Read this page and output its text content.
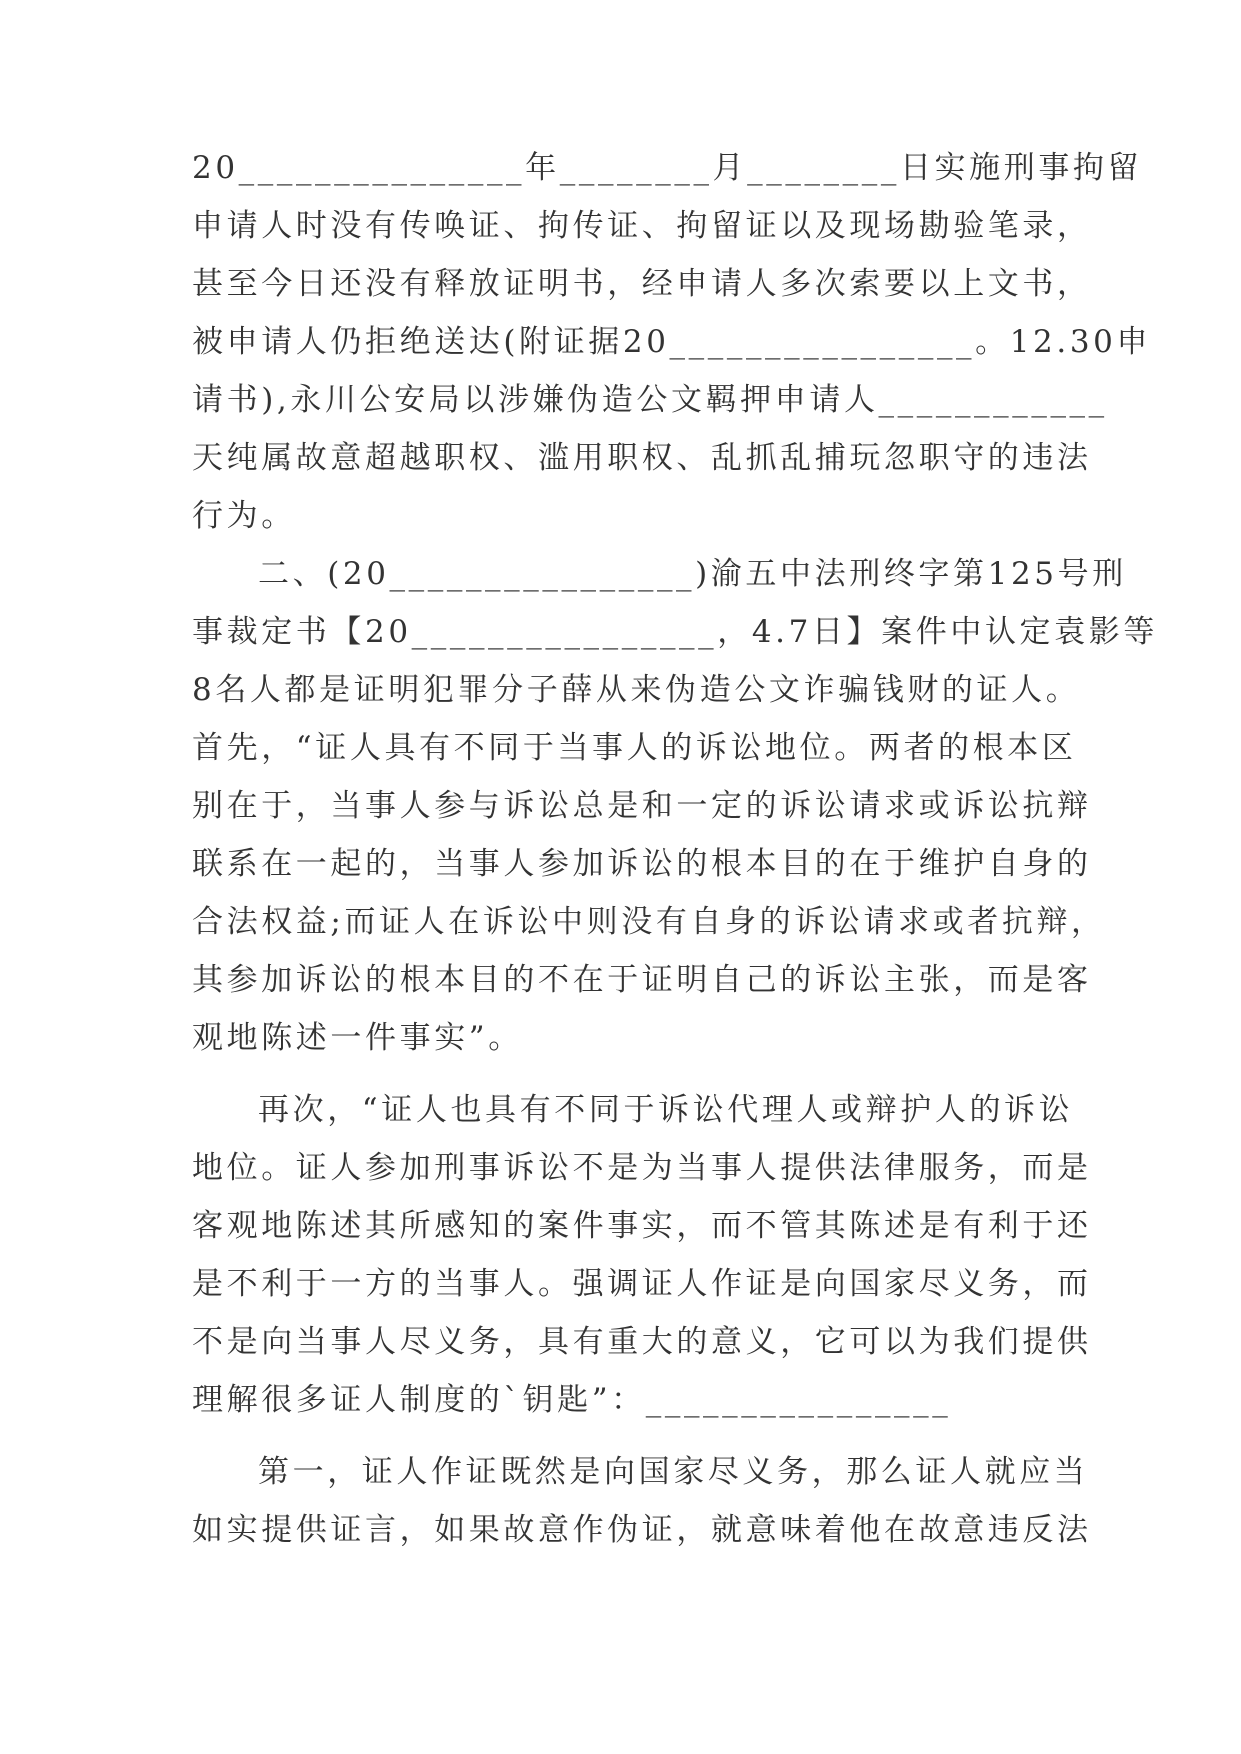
20_______________年________月________日实施刑事拘留
申请人时没有传唤证、拘传证、拘留证以及现场勘验笔录，
甚至今日还没有释放证明书，经申请人多次索要以上文书，
被申请人仍拒绝送达(附证据20________________。12.30申
请书),永川公安局以涉嫌伪造公文羁押申请人____________
天纯属故意超越职权、滥用职权、乱抓乱捕玩忽职守的违法
行为。
二、(20________________)渝五中法刑终字第125号刑
事裁定书【20________________，4.7日】案件中认定袁影等
8名人都是证明犯罪分子薛从来伪造公文诈骗钱财的证人。
首先，“证人具有不同于当事人的诉讼地位。两者的根本区
别在于，当事人参与诉讼总是和一定的诉讼请求或诉讼抗辩
联系在一起的，当事人参加诉讼的根本目的在于维护自身的
合法权益;而证人在诉讼中则没有自身的诉讼请求或者抗辩，
其参加诉讼的根本目的不在于证明自己的诉讼主张，而是客
观地陈述一件事实”。
再次，“证人也具有不同于诉讼代理人或辩护人的诉讼
地位。证人参加刑事诉讼不是为当事人提供法律服务，而是
客观地陈述其所感知的案件事实，而不管其陈述是有利于还
是不利于一方的当事人。强调证人作证是向国家尽义务，而
不是向当事人尽义务，具有重大的意义，它可以为我们提供
理解很多证人制度的`钥匙”：________________
第一，证人作证既然是向国家尽义务，那么证人就应当
如实提供证言，如果故意作伪证，就意味着他在故意违反法
